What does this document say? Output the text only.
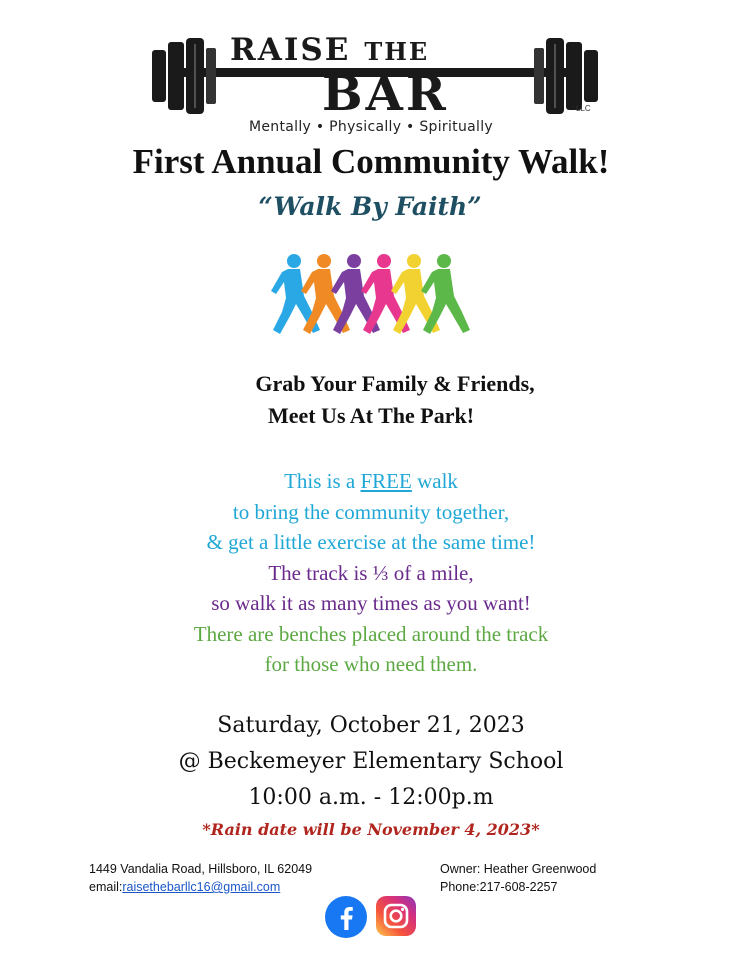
RAISE THE
BAR	LLC
Mentally • Physically • Spiritually
First Annual Community Walk!
“Walk By Faith”
Grab Your Family & Friends,
Meet Us At The Park!
This is a FREE walk
to bring the community together,
& get a little exercise at the same time!
The track is ⅓ of a mile,
so walk it as many times as you want!
There are benches placed around the track
for those who need them.
Saturday, October 21, 2023
@ Beckemeyer Elementary School
10:00 a.m. - 12:00p.m
*Rain date will be November 4, 2023*
1449 Vandalia Road, Hillsboro, IL 62049
email:raisethebarllc16@gmail.com
Owner: Heather Greenwood
Phone:217-608-2257
